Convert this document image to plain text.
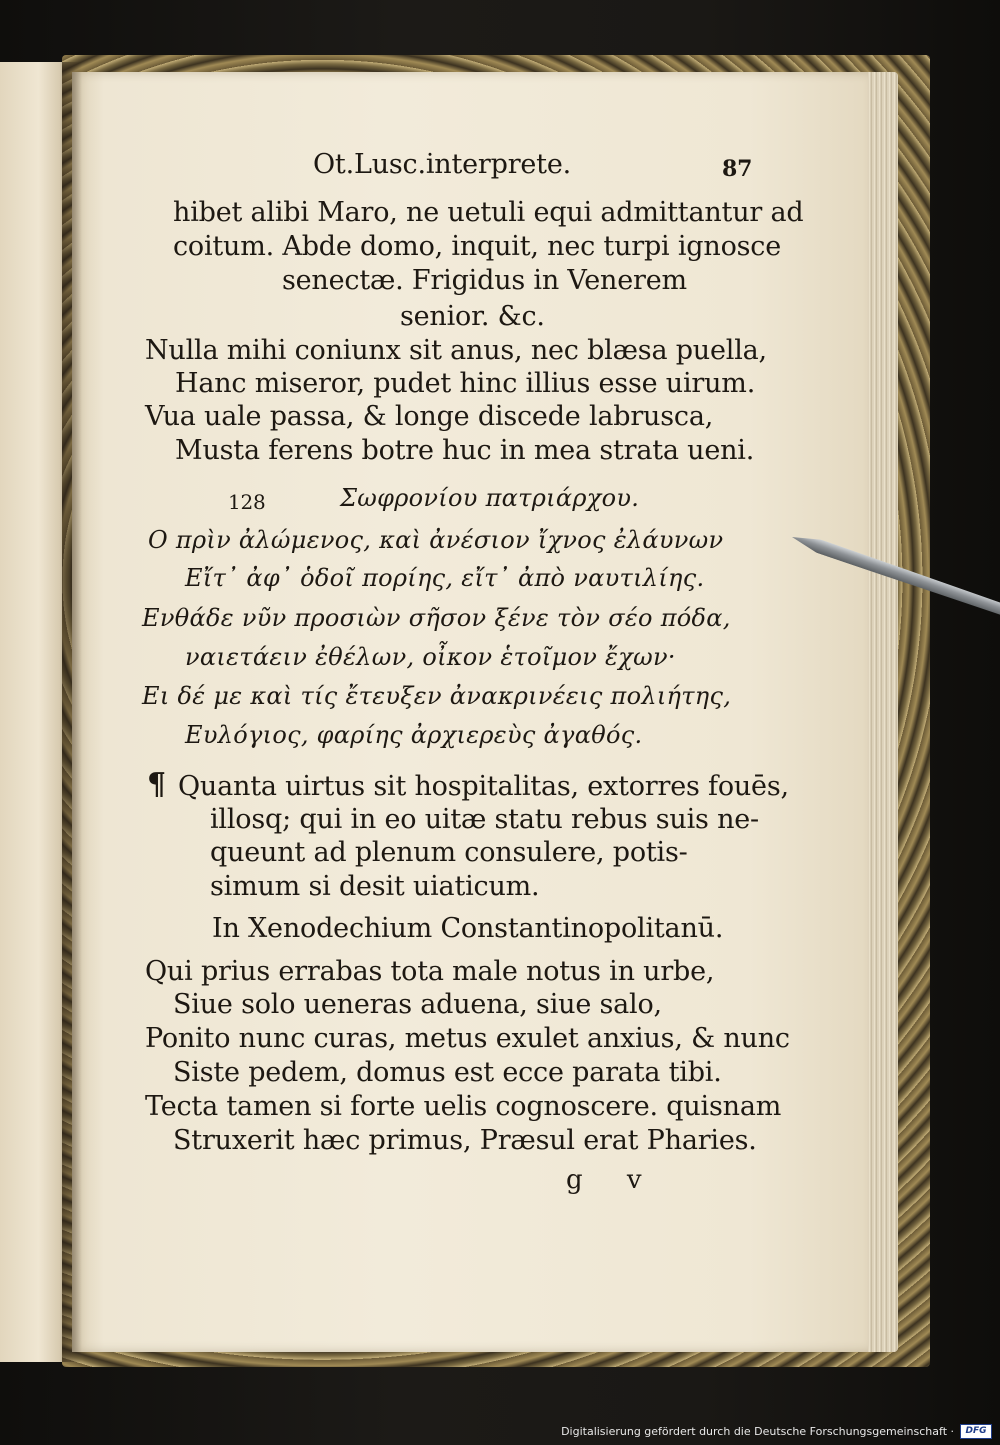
Ot.Lusc.interprete.	87

hibet alibi Maro, ne uetuli equi admittantur ad

coitum. Abde domo, inquit, nec turpi ignosce

senectæ. Frigidus in Venerem

senior. &c.

Nulla mihi coniunx sit anus, nec blæsa puella,

Hanc miseror, pudet hinc illius esse uirum.

Vua uale passa, & longe discede labrusca,

Musta ferens botre huc in mea strata ueni.

128	Σωφρονίου πατριάρχου.

Ο πρὶν ἀλώμενος, καὶ ἀνέσιον ἴχνος ἐλάυνων

Εἴτ᾽ ἀφ᾽ ὁδοῖ πορίης, εἴτ᾽ ἀπὸ ναυτιλίης.

Ενθάδε νῦν προσιὼν σῆσον ξένε τὸν σέο πόδα,

ναιετάειν ἐθέλων, οἶκον ἑτοῖμον ἔχων·

Ει δέ με καὶ τίς ἔτευξεν ἀνακρινέεις πολιήτης,

Ευλόγιος, φαρίης ἀρχιερεὺς ἀγαθός.

¶ Quanta uirtus sit hospitalitas, extorres fouēs,

illosq; qui in eo uitæ statu rebus suis ne-

queunt ad plenum consulere, potis-

simum si desit uiaticum.

In Xenodechium Constantinopolitanū.

Qui prius errabas tota male notus in urbe,

Siue solo ueneras aduena, siue salo,

Ponito nunc curas, metus exulet anxius, & nunc

Siste pedem, domus est ecce parata tibi.

Tecta tamen si forte uelis cognoscere. quisnam

Struxerit hæc primus, Præsul erat Pharies.

g v

Digitalisierung gefördert durch die Deutsche Forschungsgemeinschaft ·	DFG
